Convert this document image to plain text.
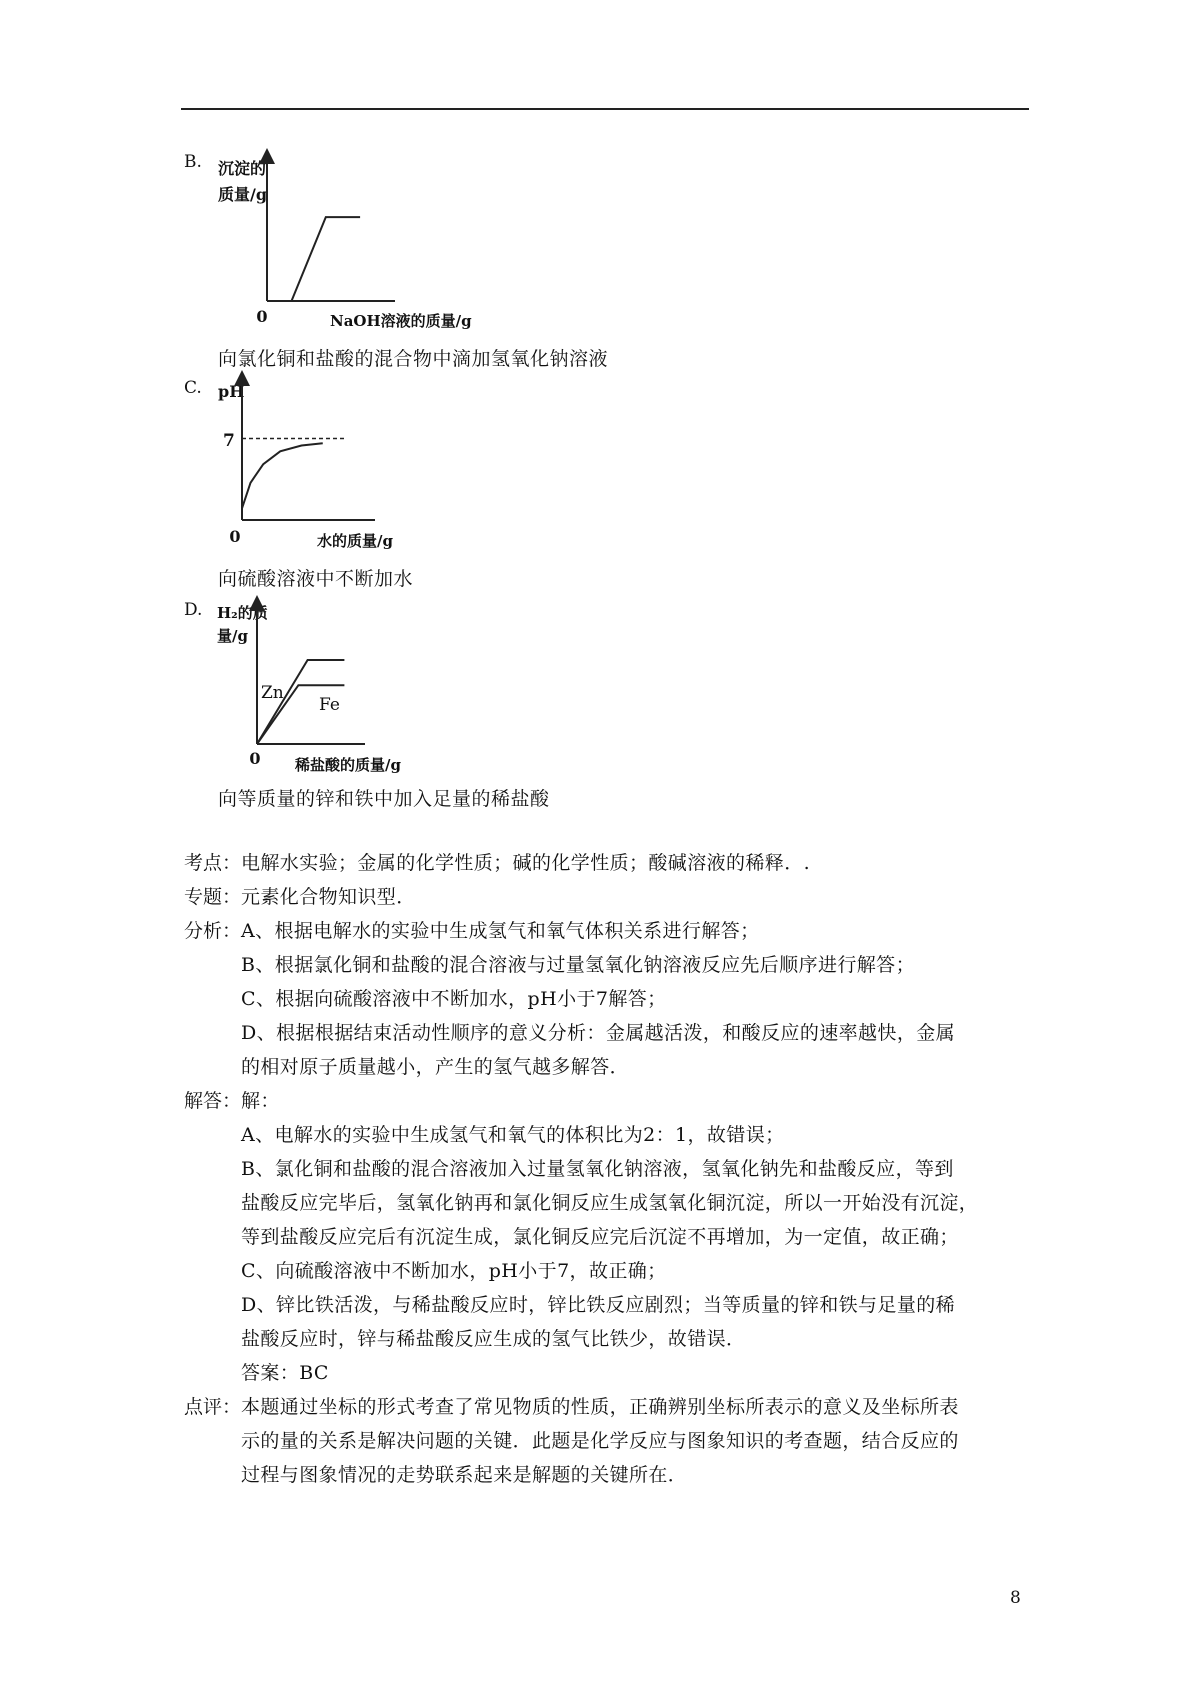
B. 沉淀的
质量/g
0	NaOH溶液的质量/g
向氯化铜和盐酸的混合物中滴加氢氧化钠溶液
C. pH
7
0	水的质量/g
向硫酸溶液中不断加水
D. H₂的质
量/g
Zn
Fe
0 稀盐酸的质量/g
向等质量的锌和铁中加入足量的稀盐酸
考点： 电解水实验；金属的化学性质；碱的化学性质；酸碱溶液的稀释．.
专题： 元素化合物知识型．
分析： A、根据电解水的实验中生成氢气和氧气体积关系进行解答；
B、根据氯化铜和盐酸的混合溶液与过量氢氧化钠溶液反应先后顺序进行解答；
C、根据向硫酸溶液中不断加水，pH小于7解答；
D、根据根据结束活动性顺序的意义分析：金属越活泼，和酸反应的速率越快，金属
的相对原子质量越小，产生的氢气越多解答．
解答： 解：
A、电解水的实验中生成氢气和氧气的体积比为2：1，故错误；
B、氯化铜和盐酸的混合溶液加入过量氢氧化钠溶液，氢氧化钠先和盐酸反应，等到
盐酸反应完毕后，氢氧化钠再和氯化铜反应生成氢氧化铜沉淀，所以一开始没有沉淀，
等到盐酸反应完后有沉淀生成，氯化铜反应完后沉淀不再增加，为一定值，故正确；
C、向硫酸溶液中不断加水，pH小于7，故正确；
D、锌比铁活泼，与稀盐酸反应时，锌比铁反应剧烈；当等质量的锌和铁与足量的稀
盐酸反应时，锌与稀盐酸反应生成的氢气比铁少，故错误．
答案：BC
点评： 本题通过坐标的形式考查了常见物质的性质，正确辨别坐标所表示的意义及坐标所表
示的量的关系是解决问题的关键．此题是化学反应与图象知识的考查题，结合反应的
过程与图象情况的走势联系起来是解题的关键所在．
8
